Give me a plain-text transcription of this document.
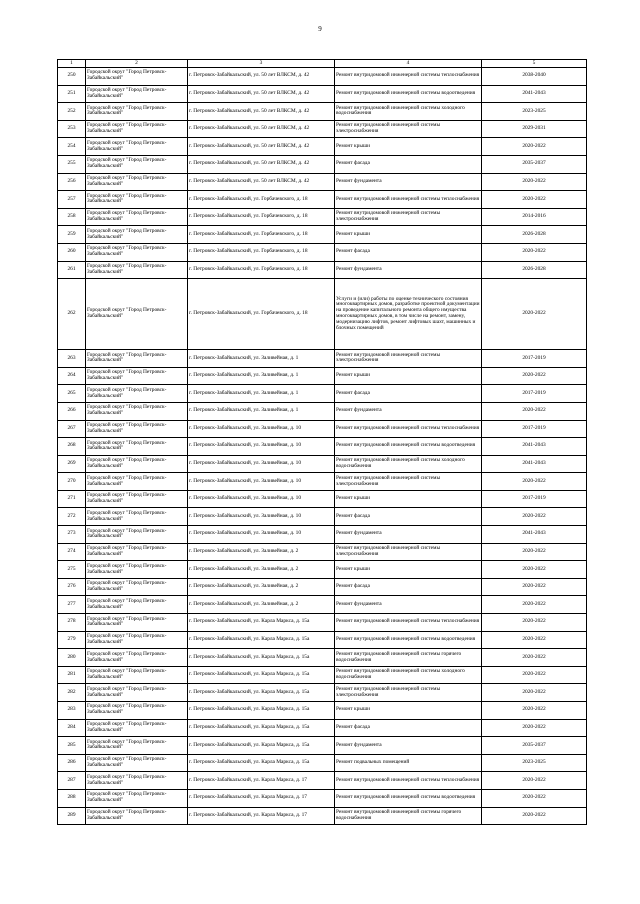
9
1	2	3	4	5
250	Городской округ "Город Петровск-Забайкальский"	г. Петровск-Забайкальский, ул. 50 лет ВЛКСМ, д. 42	Ремонт внутридомовой инженерной системы теплоснабжения	2038-2040
251	Городской округ "Город Петровск-Забайкальский"	г. Петровск-Забайкальский, ул. 50 лет ВЛКСМ, д. 42	Ремонт внутридомовой инженерной системы водоотведения	2041-2043
252	Городской округ "Город Петровск-Забайкальский"	г. Петровск-Забайкальский, ул. 50 лет ВЛКСМ, д. 42	Ремонт внутридомовой инженерной системы холодного водоснабжения	2023-2025
253	Городской округ "Город Петровск-Забайкальский"	г. Петровск-Забайкальский, ул. 50 лет ВЛКСМ, д. 42	Ремонт внутридомовой инженерной системы электроснабжения	2029-2031
254	Городской округ "Город Петровск-Забайкальский"	г. Петровск-Забайкальский, ул. 50 лет ВЛКСМ, д. 42	Ремонт крыши	2020-2022
255	Городской округ "Город Петровск-Забайкальский"	г. Петровск-Забайкальский, ул. 50 лет ВЛКСМ, д. 42	Ремонт фасада	2035-2037
256	Городской округ "Город Петровск-Забайкальский"	г. Петровск-Забайкальский, ул. 50 лет ВЛКСМ, д. 42	Ремонт фундамента	2020-2022
257	Городской округ "Город Петровск-Забайкальский"	г. Петровск-Забайкальский, ул. Горбачевского, д. 18	Ремонт внутридомовой инженерной системы теплоснабжения	2020-2022
258	Городской округ "Город Петровск-Забайкальский"	г. Петровск-Забайкальский, ул. Горбачевского, д. 18	Ремонт внутридомовой инженерной системы электроснабжения	2014-2016
259	Городской округ "Город Петровск-Забайкальский"	г. Петровск-Забайкальский, ул. Горбачевского, д. 18	Ремонт крыши	2026-2028
260	Городской округ "Город Петровск-Забайкальский"	г. Петровск-Забайкальский, ул. Горбачевского, д. 18	Ремонт фасада	2020-2022
261	Городской округ "Город Петровск-Забайкальский"	г. Петровск-Забайкальский, ул. Горбачевского, д. 18	Ремонт фундамента	2026-2028
262	Городской округ "Город Петровск-Забайкальский"	г. Петровск-Забайкальский, ул. Горбачевского, д. 18	Услуги и (или) работы по оценке технического состояния многоквартирных домов, разработке проектной документации на проведение капитального ремонта общего имущества многоквартирных домов, в том числе на ремонт, замену, модернизацию лифтов, ремонт лифтовых шахт, машинных и блочных помещений	2020-2022
263	Городской округ "Город Петровск-Забайкальский"	г. Петровск-Забайкальский, ул. Заливейная, д. 1	Ремонт внутридомовой инженерной системы электроснабжения	2017-2019
264	Городской округ "Город Петровск-Забайкальский"	г. Петровск-Забайкальский, ул. Заливейная, д. 1	Ремонт крыши	2020-2022
265	Городской округ "Город Петровск-Забайкальский"	г. Петровск-Забайкальский, ул. Заливейная, д. 1	Ремонт фасада	2017-2019
266	Городской округ "Город Петровск-Забайкальский"	г. Петровск-Забайкальский, ул. Заливейная, д. 1	Ремонт фундамента	2020-2022
267	Городской округ "Город Петровск-Забайкальский"	г. Петровск-Забайкальский, ул. Заливейная, д. 10	Ремонт внутридомовой инженерной системы теплоснабжения	2017-2019
268	Городской округ "Город Петровск-Забайкальский"	г. Петровск-Забайкальский, ул. Заливейная, д. 10	Ремонт внутридомовой инженерной системы водоотведения	2041-2043
269	Городской округ "Город Петровск-Забайкальский"	г. Петровск-Забайкальский, ул. Заливейная, д. 10	Ремонт внутридомовой инженерной системы холодного водоснабжения	2041-2043
270	Городской округ "Город Петровск-Забайкальский"	г. Петровск-Забайкальский, ул. Заливейная, д. 10	Ремонт внутридомовой инженерной системы электроснабжения	2020-2022
271	Городской округ "Город Петровск-Забайкальский"	г. Петровск-Забайкальский, ул. Заливейная, д. 10	Ремонт крыши	2017-2019
272	Городской округ "Город Петровск-Забайкальский"	г. Петровск-Забайкальский, ул. Заливейная, д. 10	Ремонт фасада	2020-2022
273	Городской округ "Город Петровск-Забайкальский"	г. Петровск-Забайкальский, ул. Заливейная, д. 10	Ремонт фундамента	2041-2043
274	Городской округ "Город Петровск-Забайкальский"	г. Петровск-Забайкальский, ул. Заливейная, д. 2	Ремонт внутридомовой инженерной системы электроснабжения	2020-2022
275	Городской округ "Город Петровск-Забайкальский"	г. Петровск-Забайкальский, ул. Заливейная, д. 2	Ремонт крыши	2020-2022
276	Городской округ "Город Петровск-Забайкальский"	г. Петровск-Забайкальский, ул. Заливейная, д. 2	Ремонт фасада	2020-2022
277	Городской округ "Город Петровск-Забайкальский"	г. Петровск-Забайкальский, ул. Заливейная, д. 2	Ремонт фундамента	2020-2022
278	Городской округ "Город Петровск-Забайкальский"	г. Петровск-Забайкальский, ул. Карла Маркса, д. 15а	Ремонт внутридомовой инженерной системы теплоснабжения	2020-2022
279	Городской округ "Город Петровск-Забайкальский"	г. Петровск-Забайкальский, ул. Карла Маркса, д. 15а	Ремонт внутридомовой инженерной системы водоотведения	2020-2022
280	Городской округ "Город Петровск-Забайкальский"	г. Петровск-Забайкальский, ул. Карла Маркса, д. 15а	Ремонт внутридомовой инженерной системы горячего водоснабжения	2020-2022
281	Городской округ "Город Петровск-Забайкальский"	г. Петровск-Забайкальский, ул. Карла Маркса, д. 15а	Ремонт внутридомовой инженерной системы холодного водоснабжения	2020-2022
282	Городской округ "Город Петровск-Забайкальский"	г. Петровск-Забайкальский, ул. Карла Маркса, д. 15а	Ремонт внутридомовой инженерной системы электроснабжения	2020-2022
283	Городской округ "Город Петровск-Забайкальский"	г. Петровск-Забайкальский, ул. Карла Маркса, д. 15а	Ремонт крыши	2020-2022
284	Городской округ "Город Петровск-Забайкальский"	г. Петровск-Забайкальский, ул. Карла Маркса, д. 15а	Ремонт фасада	2020-2022
285	Городской округ "Город Петровск-Забайкальский"	г. Петровск-Забайкальский, ул. Карла Маркса, д. 15а	Ремонт фундамента	2035-2037
286	Городской округ "Город Петровск-Забайкальский"	г. Петровск-Забайкальский, ул. Карла Маркса, д. 15а	Ремонт подвальных помещений	2023-2025
287	Городской округ "Город Петровск-Забайкальский"	г. Петровск-Забайкальский, ул. Карла Маркса, д. 17	Ремонт внутридомовой инженерной системы теплоснабжения	2020-2022
288	Городской округ "Город Петровск-Забайкальский"	г. Петровск-Забайкальский, ул. Карла Маркса, д. 17	Ремонт внутридомовой инженерной системы водоотведения	2020-2022
289	Городской округ "Город Петровск-Забайкальский"	г. Петровск-Забайкальский, ул. Карла Маркса, д. 17	Ремонт внутридомовой инженерной системы горячего водоснабжения	2020-2022
